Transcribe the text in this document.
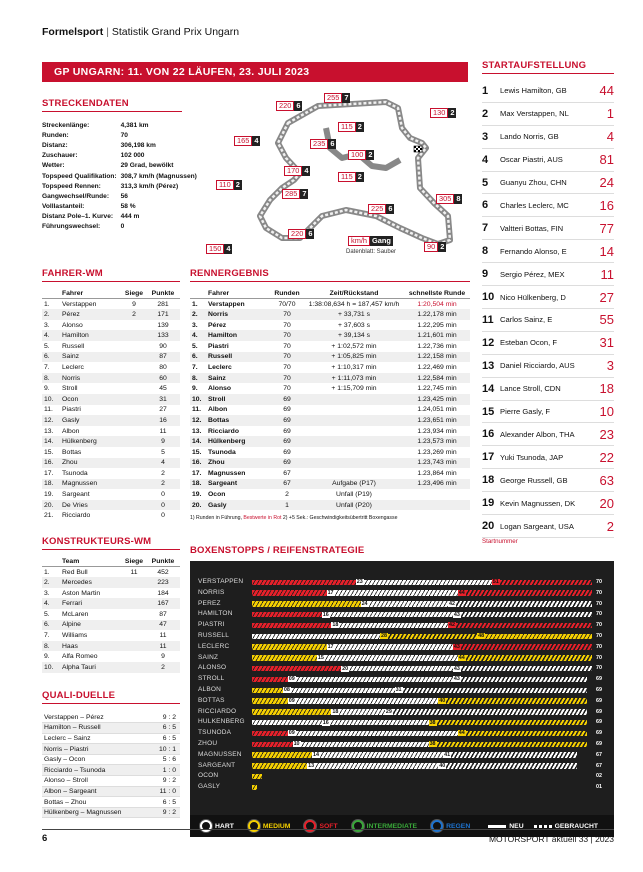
Formelsport | Statistik Grand Prix Ungarn
GP UNGARN: 11. VON 22 LÄUFEN, 23. JULI 2023
STRECKENDATEN
Streckenlänge:	4,381 km
Runden:	70
Distanz:	306,198 km
Zuschauer:	102 000
Wetter:	29 Grad, bewölkt
Topspeed Qualifikation:	308,7 km/h (Magnussen)
Topspeed Rennen:	313,3 km/h (Pérez)
Gangwechsel/Runde:	56
Volllastanteil:	58 %
Distanz Pole–1. Kurve:	444 m
Führungswechsel:	0
255 7
220 6
130 2
115 2
165 4	235 6
100 2
170 4
115 2
110 2
285 7
305 8
225 6
220 6
150 4	90 2
km/h Gang
Datenblatt: Sauber
STARTAUFSTELLUNG
1	Lewis Hamilton, GB	44
2	Max Verstappen, NL	1
3	Lando Norris, GB	4
4	Oscar Piastri, AUS	81
5	Guanyu Zhou, CHN	24
6	Charles Leclerc, MC	16
7	Valtteri Bottas, FIN	77
8	Fernando Alonso, E	14
9	Sergio Pérez, MEX	11
10 Nico Hülkenberg, D	27
11 Carlos Sainz, E	55
12 Esteban Ocon, F	31
13 Daniel Ricciardo, AUS	3
14 Lance Stroll, CDN	18
15 Pierre Gasly, F	10
16 Alexander Albon, THA	23
17 Yuki Tsunoda, JAP	22
18 George Russell, GB	63
19 Kevin Magnussen, DK	20
20 Logan Sargeant, USA	2
Startnummer
FAHRER-WM
	Fahrer	Siege	Punkte
1.	Verstappen	9	281
2.	Pérez	2	171
3.	Alonso		139
4.	Hamilton		133
5.	Russell		90
6.	Sainz		87
7.	Leclerc		80
8.	Norris		60
9.	Stroll		45
10.	Ocon		31
11.	Piastri		27
12.	Gasly		16
13.	Albon		11
14.	Hülkenberg		9
15.	Bottas		5
16.	Zhou		4
17.	Tsunoda		2
18.	Magnussen		2
19.	Sargeant		0
20.	De Vries		0
21.	Ricciardo		0
RENNERGEBNIS
	Fahrer	Runden	Zeit/Rückstand	schnellste Runde
1.	Verstappen	70/70	1:38:08,634 h = 187,457 km/h	1:20,504 min
2.	Norris	70	+ 33,731 s	1.22,178 min
3.	Pérez	70	+ 37,603 s	1.22,295 min
4.	Hamilton	70	+ 39,134 s	1.21,601 min
5.	Piastri	70	+ 1:02,572 min	1.22,736 min
6.	Russell	70	+ 1:05,825 min	1.22,158 min
7.	Leclerc	70	+ 1:10,317 min	1.22,469 min
8.	Sainz	70	+ 1:11,073 min	1.22,584 min
9.	Alonso	70	+ 1:15,709 min	1.22,745 min
10.	Stroll	69		1.23,425 min
11.	Albon	69		1.24,051 min
12.	Bottas	69		1.23,651 min
13.	Ricciardo	69		1.23,934 min
14.	Hülkenberg	69		1.23,573 min
15.	Tsunoda	69		1.23,269 min
16.	Zhou	69		1.23,743 min
17.	Magnussen	67		1.23,864 min
18.	Sargeant	67	Aufgabe (P17)	1.23,496 min
19.	Ocon	2	Unfall (P19)	
20.	Gasly	1	Unfall (P20)	
1) Runden in Führung, Bestwerte in Rot 2) +5 Sek.: Geschwindigkeitsübertritt Boxengasse
KONSTRUKTEURS-WM
	Team	Siege	Punkte
1.	Red Bull	11	452
2.	Mercedes		223
3.	Aston Martin		184
4.	Ferrari		167
5.	McLaren		87
6.	Alpine		47
7.	Williams		11
8.	Haas		11
9.	Alfa Romeo		9
10.	Alpha Tauri		2
QUALI-DUELLE
Verstappen – Pérez	9 : 2
Hamilton – Russell	6 : 5
Leclerc – Sainz	6 : 5
Norris – Piastri	10 : 1
Gasly – Ocon	5 : 6
Ricciardo – Tsunoda	1 : 0
Alonso – Stroll	9 : 2
Albon – Sargeant	11 : 0
Bottas – Zhou	6 : 5
Hülkenberg – Magnussen	9 : 2
BOXENSTOPPS / REIFENSTRATEGIE
VERSTAPPEN	23	51	70
NORRIS	17	44	70
PEREZ	24	42	70
HAMILTON	16	43	70
PIASTRI	18	42	70
RUSSELL	28	48	70
LECLERC	17	43	70
SAINZ	15	44	70
ALONSO	20	43	70
STROLL	09	43	69
ALBON	08	31	69
BOTTAS	09	40	69
RICCIARDO	18	29	69
HULKENBERG	16	38	69
TSUNODA	09	44	69
ZHOU	10	38	69
MAGNUSSEN	14	41	67
SARGEANT	13	40	67
OCON	02
GASLY	01
HART	MEDIUM	SOFT	INTERMEDIATE	REGEN	NEU	GEBRAUCHT
6	MOTORSPORT aktuell 33 | 2023
